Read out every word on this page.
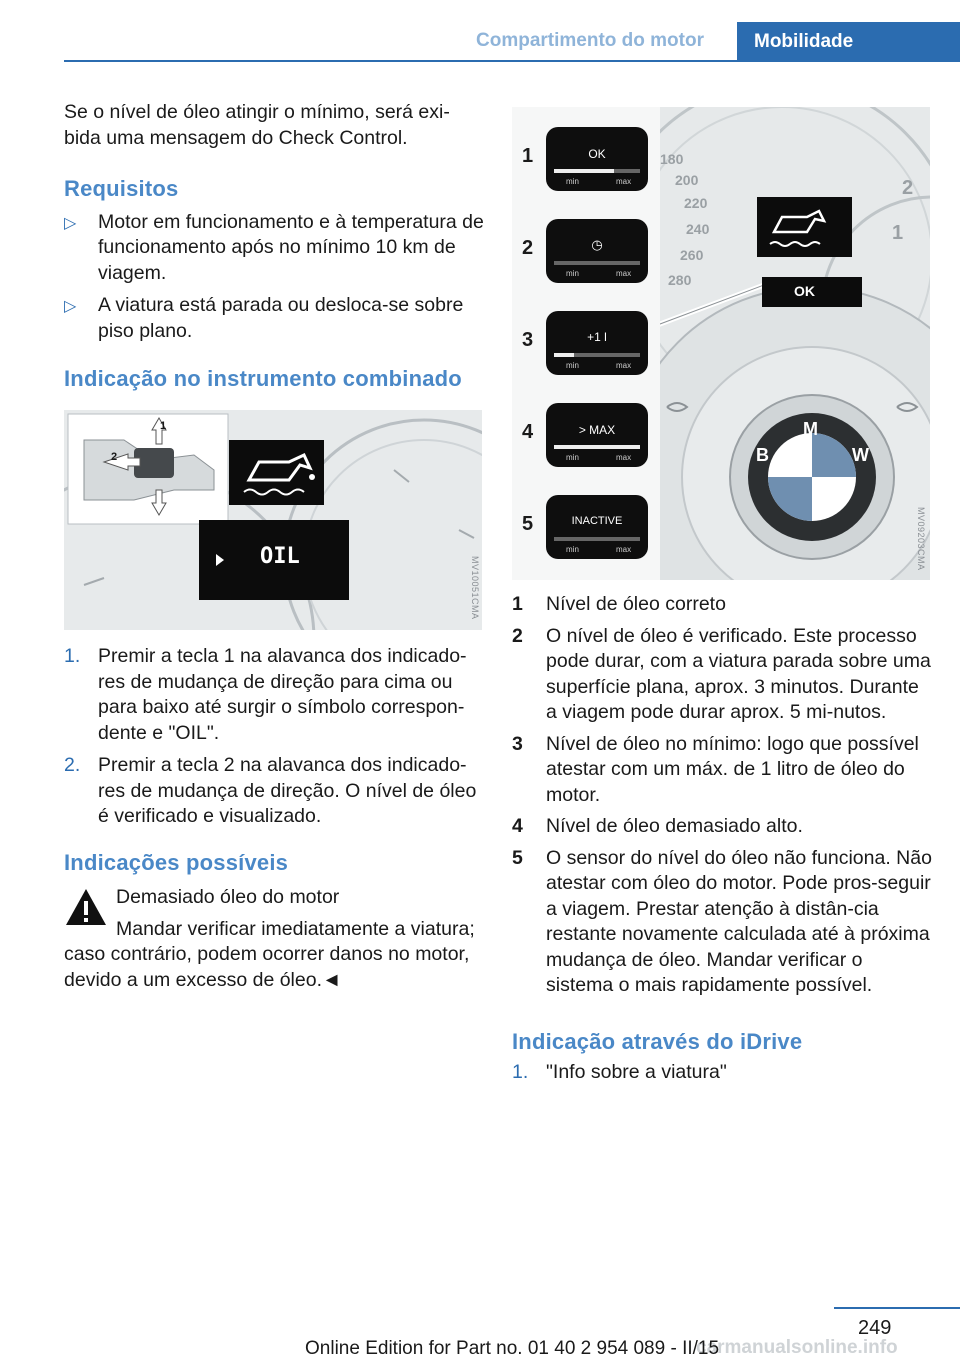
Compartimento do motor	Mobilidade

Se o nível de óleo atingir o mínimo, será exi-bida uma mensagem do Check Control.

Requisitos
▷ Motor em funcionamento e à temperatura de funcionamento após no mínimo 10 km de viagem.
▷ A viatura está parada ou desloca-se sobre piso plano.
Indicação no instrumento combinado
OIL
1
2
MV10051CMA
1. Premir a tecla 1 na alavanca dos indicado-res de mudança de direção para cima ou para baixo até surgir o símbolo correspon-dente e "OIL".
2. Premir a tecla 2 na alavanca dos indicado-res de mudança de direção. O nível de óleo é verificado e visualizado.
Indicações possíveis
Demasiado óleo do motor
Mandar verificar imediatamente a viatura; caso contrário, podem ocorrer danos no motor, devido a um excesso de óleo.◄
180
200
220
240
260
280
2
1
OK
B
M
W
1	OK
min	max
2	◷
min	max
3	+1 l
min	max
4	> MAX
min	max
5	INACTIVE
min	max	MV09203CMA
1 Nível de óleo correto
2 O nível de óleo é verificado. Este processo pode durar, com a viatura parada sobre uma superfície plana, aprox. 3 minutos. Durante a viagem pode durar aprox. 5 mi-nutos.
3 Nível de óleo no mínimo: logo que possível atestar com um máx. de 1 litro de óleo do motor.
4 Nível de óleo demasiado alto.
5 O sensor do nível do óleo não funciona. Não atestar com óleo do motor. Pode pros-seguir a viagem. Prestar atenção à distân-cia restante novamente calculada até à próxima mudança de óleo. Mandar verificar o sistema o mais rapidamente possível.
Indicação através do iDrive
1. "Info sobre a viatura"
249
carmanualsonline.info
Online Edition for Part no. 01 40 2 954 089 - II/15
